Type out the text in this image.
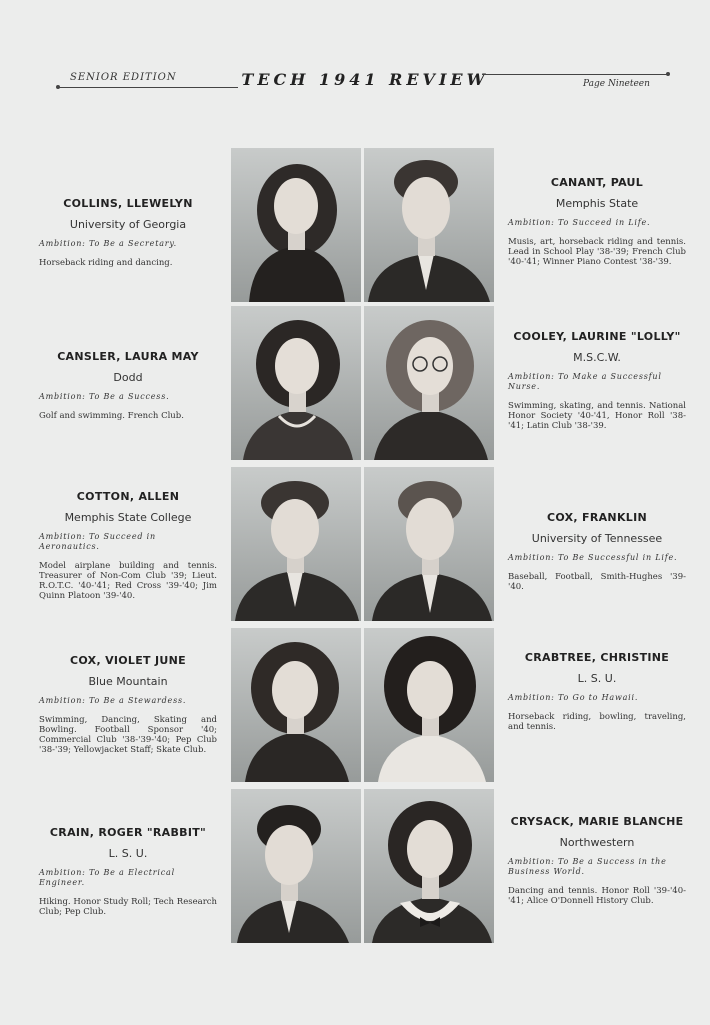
SENIOR EDITION	TECH 1941 REVIEW	Page Nineteen
COLLINS, LLEWELYN
University of Georgia
Ambition: To Be a Secretary.
Horseback riding and dancing.
CANSLER, LAURA MAY
Dodd
Ambition: To Be a Success.
Golf and swimming. French Club.
COTTON, ALLEN
Memphis State College
Ambition: To Succeed in Aeronautics.
Model airplane building and tennis. Treasurer of Non-Com Club '39; Lieut. R.O.T.C. '40-'41; Red Cross '39-'40; Jim Quinn Platoon '39-'40.
COX, VIOLET JUNE
Blue Mountain
Ambition: To Be a Stewardess.
Swimming, Dancing, Skating and Bowling. Football Sponsor '40; Commercial Club '38-'39-'40; Pep Club '38-'39; Yellowjacket Staff; Skate Club.
CRAIN, ROGER "RABBIT"
L. S. U.
Ambition: To Be a Electrical Engineer.
Hiking. Honor Study Roll; Tech Research Club; Pep Club.
CANANT, PAUL
Memphis State
Ambition: To Succeed in Life.
Musis, art, horseback riding and tennis. Lead in School Play '38-'39; French Club '40-'41; Winner Piano Contest '38-'39.
COOLEY, LAURINE "LOLLY"
M.S.C.W.
Ambition: To Make a Successful Nurse.
Swimming, skating, and tennis. National Honor Society '40-'41, Honor Roll '38-'41; Latin Club '38-'39.
COX, FRANKLIN
University of Tennessee
Ambition: To Be Successful in Life.
Baseball, Football, Smith-Hughes '39-'40.
CRABTREE, CHRISTINE
L. S. U.
Ambition: To Go to Hawaii.
Horseback riding, bowling, traveling, and tennis.
CRYSACK, MARIE BLANCHE
Northwestern
Ambition: To Be a Success in the Business World.
Dancing and tennis. Honor Roll '39-'40-'41; Alice O'Donnell History Club.
